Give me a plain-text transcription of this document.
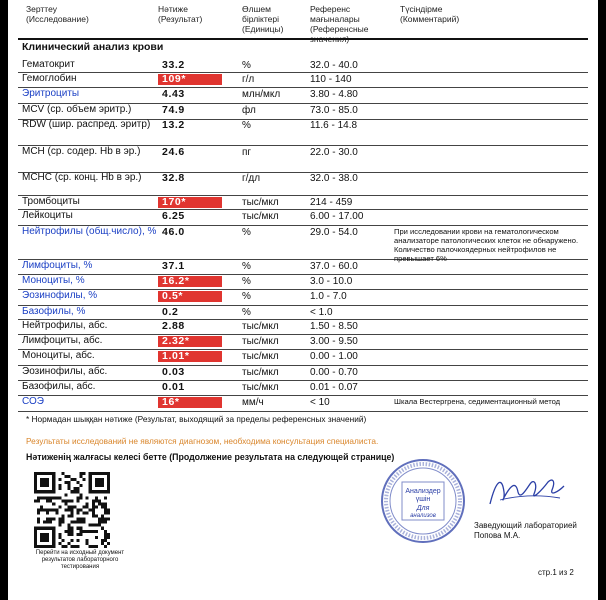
Зерттеу
(Исследование)
Нәтиже
(Результат)
Өлшем
бірліктері
(Единицы)
Референс
мағыналары
(Референсные
значения)
Түсіндірме
(Комментарий)
Клинический анализ крови
Гематокрит	33.2	%	32.0 - 40.0
Гемоглобин	109*	г/л	110 - 140
Эритроциты	4.43	млн/мкл	3.80 - 4.80
MCV (ср. объем эритр.)	74.9	фл	73.0 - 85.0
RDW (шир. распред. эритр)	13.2	%	11.6 - 14.8
MCH (ср. содер. Hb в эр.)	24.6	пг	22.0 - 30.0
MCHC (ср. конц. Hb в эр.)	32.8	г/дл	32.0 - 38.0
Тромбоциты	170*	тыс/мкл	214 - 459
Лейкоциты	6.25	тыс/мкл	6.00 - 17.00
Нейтрофилы (общ.число), % 46.0	%	29.0 - 54.0	При исследовании крови на гематологическом анализаторе патологических клеток не обнаружено. Количество палочкоядерных нейтрофилов не превышает 6%
Лимфоциты, %	37.1	%	37.0 - 60.0
Моноциты, %	16.2*	%	3.0 - 10.0
Эозинофилы, %	0.5*	%	1.0 - 7.0
Базофилы, %	0.2	%	< 1.0
Нейтрофилы, абс.	2.88	тыс/мкл	1.50 - 8.50
Лимфоциты, абс.	2.32*	тыс/мкл	3.00 - 9.50
Моноциты, абс.	1.01*	тыс/мкл	0.00 - 1.00
Эозинофилы, абс.	0.03	тыс/мкл	0.00 - 0.70
Базофилы, абс.	0.01	тыс/мкл	0.01 - 0.07
СОЭ	16*	мм/ч	< 10	Шкала Вестергрена, седиментационный метод
* Нормадан шыққан нәтиже (Результат, выходящий за пределы референсных значений)
Результаты исследований не являются диагнозом, необходима консультация специалиста.
Нәтиженің жалғасы келесі бетте (Продолжение результата на следующей странице)
Перейти на исходный документ результатов лабораторного тестирования
Анализдер
үшін
Для
анализов
Заведующий лабораторией
Попова М.А.
стр.1 из 2
